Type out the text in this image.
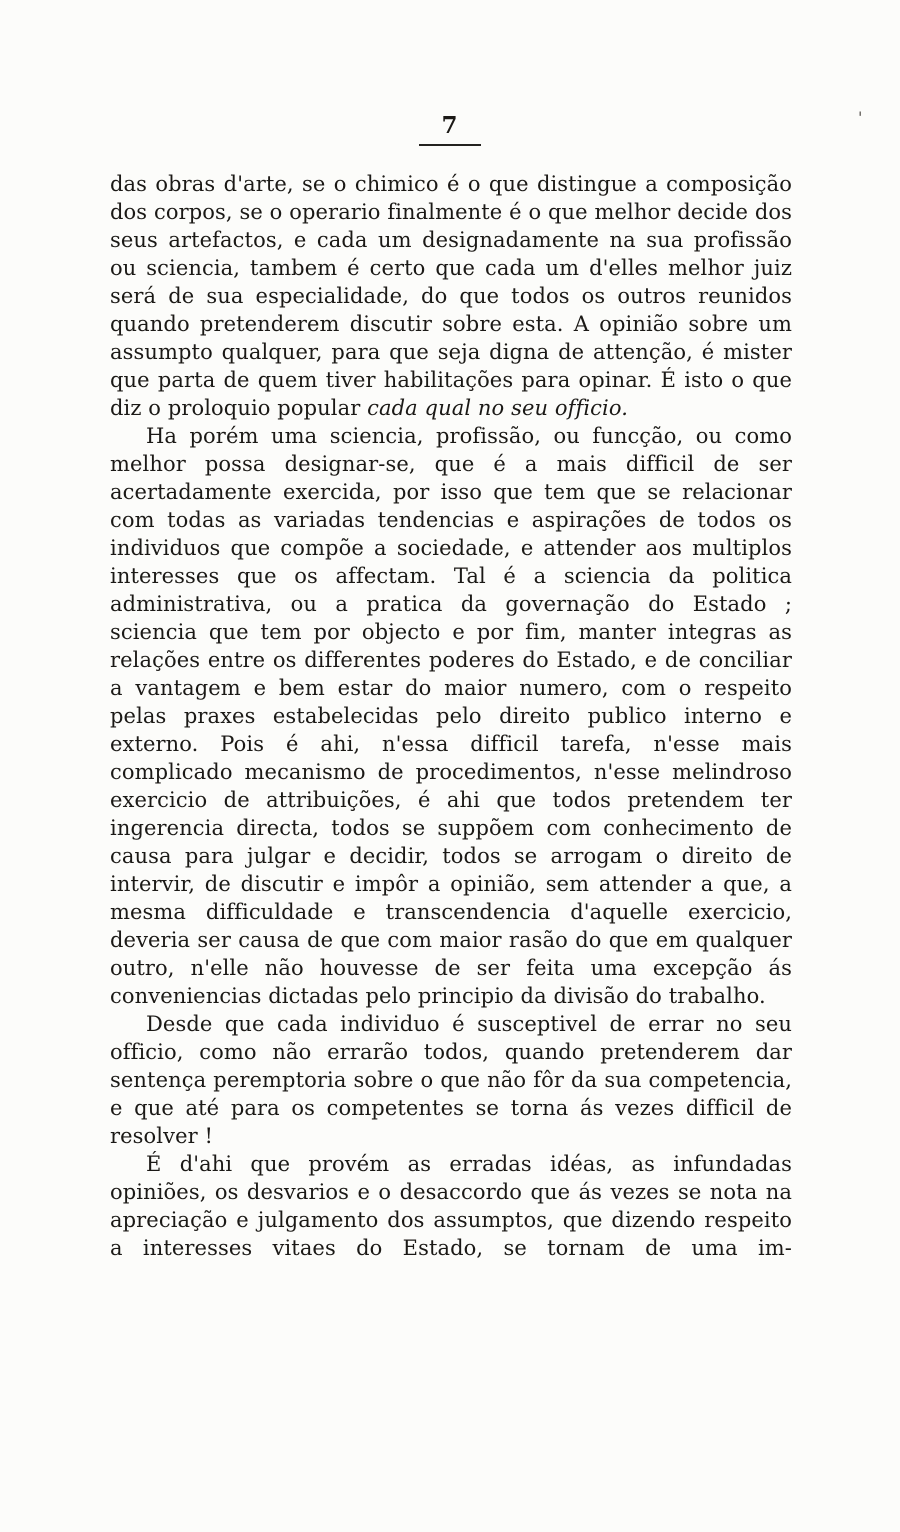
'
7

das obras d'arte, se o chimico é o que distingue a composição dos corpos, se o operario finalmente é o que melhor decide dos seus artefactos, e cada um designadamente na sua profissão ou sciencia, tambem é certo que cada um d'elles melhor juiz será de sua especialidade, do que todos os outros reunidos quando pretenderem discutir sobre esta. A opinião sobre um assumpto qualquer, para que seja digna de attenção, é mister que parta de quem tiver habilitações para opinar. É isto o que diz o proloquio popular cada qual no seu officio.

Ha porém uma sciencia, profissão, ou funcção, ou como melhor possa designar-se, que é a mais difficil de ser acertadamente exercida, por isso que tem que se relacionar com todas as variadas tendencias e aspirações de todos os individuos que compõe a sociedade, e attender aos multiplos interesses que os affectam. Tal é a sciencia da politica administrativa, ou a pratica da governação do Estado ; sciencia que tem por objecto e por fim, manter integras as relações entre os differentes poderes do Estado, e de conciliar a vantagem e bem estar do maior numero, com o respeito pelas praxes estabelecidas pelo direito publico interno e externo. Pois é ahi, n'essa difficil tarefa, n'esse mais complicado mecanismo de procedimentos, n'esse melindroso exercicio de attribuições, é ahi que todos pretendem ter ingerencia directa, todos se suppõem com conhecimento de causa para julgar e decidir, todos se arrogam o direito de intervir, de discutir e impôr a opinião, sem attender a que, a mesma difficuldade e transcendencia d'aquelle exercicio, deveria ser causa de que com maior rasão do que em qualquer outro, n'elle não houvesse de ser feita uma excepção ás conveniencias dictadas pelo principio da divisão do trabalho.

Desde que cada individuo é susceptivel de errar no seu officio, como não errarão todos, quando pretenderem dar sentença peremptoria sobre o que não fôr da sua competencia, e que até para os competentes se torna ás vezes difficil de resolver !

É d'ahi que provém as erradas idéas, as infundadas opiniões, os desvarios e o desaccordo que ás vezes se nota na apreciação e julgamento dos assumptos, que dizendo respeito a interesses vitaes do Estado, se tornam de uma im-
